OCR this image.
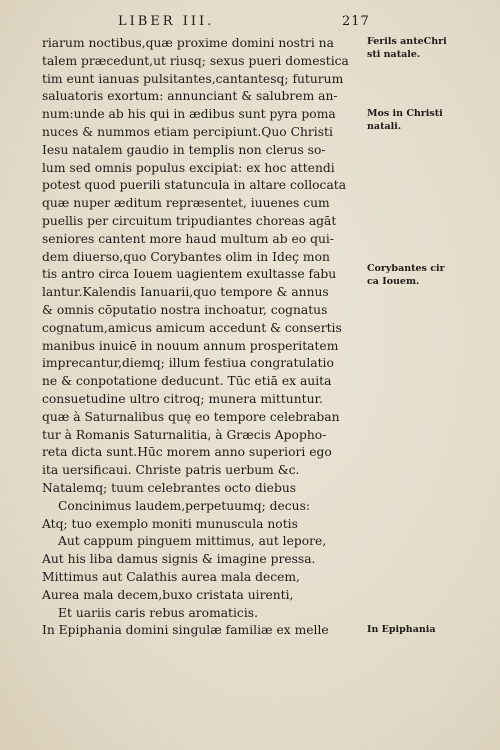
LIBER III.	217
riarum noctibus,quæ proxime domini nostri na
talem præcedunt,ut riusq; sexus pueri domestica
tim eunt ianuas pulsitantes,cantantesq; futurum
saluatoris exortum: annunciant & salubrem an-
num:unde ab his qui in ædibus sunt pyra poma
nuces & nummos etiam percipiunt.Quo Christi
Iesu natalem gaudio in templis non clerus so-
lum sed omnis populus excipiat: ex hoc attendi
potest quod puerili statuncula in altare collocata
quæ nuper æditum repræsentet, iuuenes cum
puellis per circuitum tripudiantes choreas agāt
seniores cantent more haud multum ab eo qui-
dem diuerso,quo Corybantes olim in Ideç mon
tis antro circa Iouem uagientem exultasse fabu
lantur.Kalendis Ianuarii,quo tempore & annus
& omnis cōputatio nostra inchoatur, cognatus
cognatum,amicus amicum accedunt & consertis
manibus inuicē in nouum annum prosperitatem
imprecantur,diemq; illum festiua congratulatio
ne & conpotatione deducunt. Tūc etiā ex auita
consuetudine ultro citroq; munera mittuntur.
quæ à Saturnalibus quę eo tempore celebraban
tur à Romanis Saturnalitia, à Græcis Apopho-
reta dicta sunt.Hūc morem anno superiori ego
ita uersificaui. Christe patris uerbum &c.
Natalemq; tuum celebrantes octo diebus
Concinimus laudem,perpetuumq; decus:
Atq; tuo exemplo moniti munuscula notis
Aut cappum pinguem mittimus, aut lepore,
Aut his liba damus signis & imagine pressa.
Mittimus aut Calathis aurea mala decem,
Aurea mala decem,buxo cristata uirenti,
Et uariis caris rebus aromaticis.
In Epiphania domini singulæ familiæ ex melle
Ferils anteChri
sti natale.
Mos in Christi
natali.
Corybantes cir
ca Iouem.
In Epiphania
